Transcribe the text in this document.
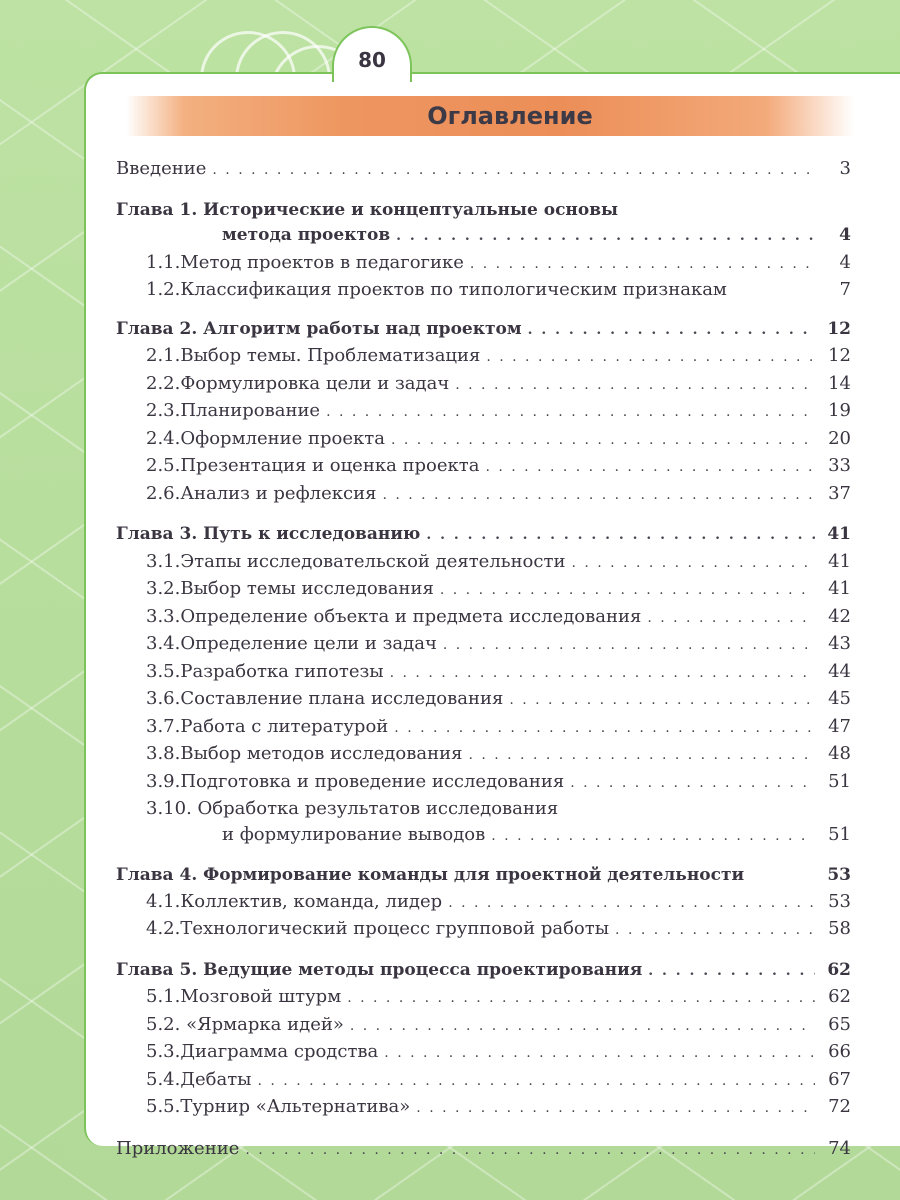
80
Оглавление
Введение . . .	3
Глава 1. Исторические и концептуальные основы
метода проектов . . .	4
1.1.Метод проектов в педагогике . . .	4
1.2.Классификация проектов по типологическим признакам	7
Глава 2. Алгоритм работы над проектом . . .	12
2.1.Выбор темы. Проблематизация . . .	12
2.2.Формулировка цели и задач . . .	14
2.3.Планирование . . .	19
2.4.Оформление проекта . . .	20
2.5.Презентация и оценка проекта . . .	33
2.6.Анализ и рефлексия . . .	37
Глава 3. Путь к исследованию . . .	41
3.1.Этапы исследовательской деятельности . . .	41
3.2.Выбор темы исследования . . .	41
3.3.Определение объекта и предмета исследования . . .	42
3.4.Определение цели и задач . . .	43
3.5.Разработка гипотезы . . .	44
3.6.Составление плана исследования . . .	45
3.7.Работа с литературой . . .	47
3.8.Выбор методов исследования . . .	48
3.9.Подготовка и проведение исследования . . .	51
3.10. Обработка результатов исследования
и формулирование выводов . . .	51
Глава 4. Формирование команды для проектной деятельности	53
4.1.Коллектив, команда, лидер . . .	53
4.2.Технологический процесс групповой работы . . .	58
Глава 5. Ведущие методы процесса проектирования . . .	62
5.1.Мозговой штурм . . .	62
5.2. «Ярмарка идей» . . .	65
5.3.Диаграмма сродства . . .	66
5.4.Дебаты . . .	67
5.5.Турнир «Альтернатива» . . .	72
Приложение . . .	74
